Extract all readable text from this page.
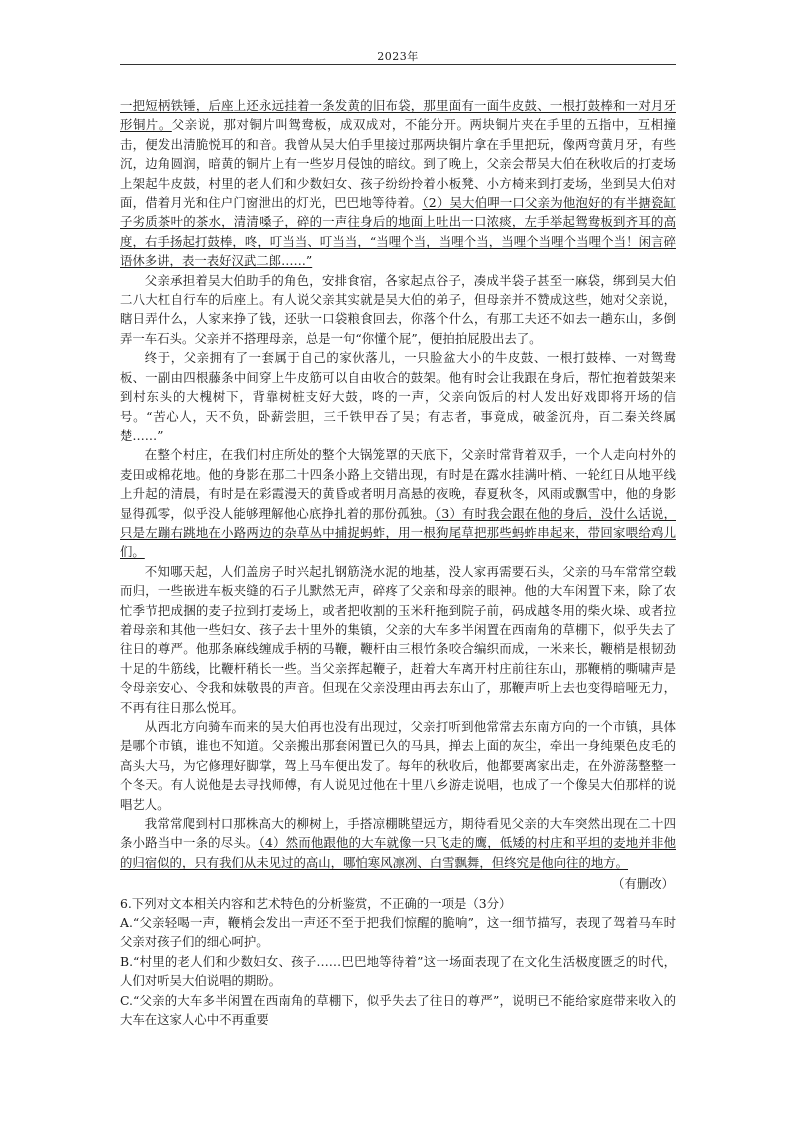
2023年

一把短柄铁锤，后座上还永远挂着一条发黄的旧布袋，那里面有一面牛皮鼓、一根打鼓棒和一对月牙形铜片。父亲说，那对铜片叫鸳鸯板，成双成对，不能分开。两块铜片夹在手里的五指中，互相撞击，便发出清脆悦耳的和音。我曾从吴大伯手里接过那两块铜片拿在手里把玩，像两弯黄月牙，有些沉，边角圆润，暗黄的铜片上有一些岁月侵蚀的暗纹。到了晚上，父亲会帮吴大伯在秋收后的打麦场上架起牛皮鼓，村里的老人们和少数妇女、孩子纷纷拎着小板凳、小方椅来到打麦场，坐到吴大伯对面，借着月光和住户门窗泄出的灯光，巴巴地等待着。（2）吴大伯呷一口父亲为他泡好的有半搪瓷缸子劣质茶叶的茶水，清清嗓子，碎的一声往身后的地面上吐出一口浓痰，左手举起鸳鸯板到齐耳的高度，右手扬起打鼓棒，咚，叮当当、叮当当，“当哩个当，当哩个当，当哩个当哩个当哩个当！闲言碎语休多讲，表一表好汉武二郎……”

父亲承担着吴大伯助手的角色，安排食宿，各家起点谷子，凑成半袋子甚至一麻袋，绑到吴大伯二八大杠自行车的后座上。有人说父亲其实就是吴大伯的弟子，但母亲并不赞成这些，她对父亲说，瞎日弄什么，人家来挣了钱，还驮一口袋粮食回去，你落个什么，有那工夫还不如去一趟东山，多倒弄一车石头。父亲并不搭理母亲，总是一句“你懂个屁”，便拍拍屁股出去了。

终于，父亲拥有了一套属于自己的家伙落儿，一只脸盆大小的牛皮鼓、一根打鼓棒、一对鸳鸯板、一副由四根藤条中间穿上牛皮筋可以自由收合的鼓架。他有时会让我跟在身后，帮忙抱着鼓架来到村东头的大槐树下，背靠树桩支好大鼓，咚的一声，父亲向饭后的村人发出好戏即将开场的信号。“苦心人，天不负，卧薪尝胆，三千铁甲吞了吴；有志者，事竟成，破釜沉舟，百二秦关终属楚……”

在整个村庄，在我们村庄所处的整个大锅笼罩的天底下，父亲时常背着双手，一个人走向村外的麦田或棉花地。他的身影在那二十四条小路上交错出现，有时是在露水挂满叶梢、一轮红日从地平线上升起的清晨，有时是在彩霞漫天的黄昏或者明月高悬的夜晚，春夏秋冬，风雨或飘雪中，他的身影显得孤零，似乎没人能够理解他心底挣扎着的那份孤独。（3）有时我会跟在他的身后，没什么话说，只是左蹦右跳地在小路两边的杂草丛中捕捉蚂蚱，用一根狗尾草把那些蚂蚱串起来，带回家喂给鸡儿们。

不知哪天起，人们盖房子时兴起扎钢筋浇水泥的地基，没人家再需要石头，父亲的马车常常空载而归，一些嵌进车板夹缝的石子儿默然无声，碎疼了父亲和母亲的眼神。他的大车闲置下来，除了农忙季节把成捆的麦子拉到打麦场上，或者把收割的玉米秆拖到院子前，码成越冬用的柴火垛、或者拉着母亲和其他一些妇女、孩子去十里外的集镇，父亲的大车多半闲置在西南角的草棚下，似乎失去了往日的尊严。他那条麻线缠成手柄的马鞭，鞭杆由三根竹条咬合编织而成，一米来长，鞭梢是根韧劲十足的牛筋线，比鞭杆稍长一些。当父亲挥起鞭子，赶着大车离开村庄前往东山，那鞭梢的嘶啸声是令母亲安心、令我和妹敬畏的声音。但现在父亲没理由再去东山了，那鞭声听上去也变得暗哑无力，不再有往日那么悦耳。

从西北方向骑车而来的吴大伯再也没有出现过，父亲打听到他常常去东南方向的一个市镇，具体是哪个市镇，谁也不知道。父亲搬出那套闲置已久的马具，掸去上面的灰尘，牵出一身纯栗色皮毛的高头大马，为它修理好脚掌，驾上马车便出发了。每年的秋收后，他都要离家出走，在外游荡整整一个冬天。有人说他是去寻找师傅，有人说见过他在十里八乡游走说唱，也成了一个像吴大伯那样的说唱艺人。

我常常爬到村口那株高大的柳树上，手搭凉棚眺望远方，期待看见父亲的大车突然出现在二十四条小路当中一条的尽头。（4）然而他跟他的大车就像一只飞走的鹰，低矮的村庄和平坦的麦地并非他的归宿似的，只有我们从未见过的高山，哪怕寒风凛冽、白雪飘舞，但终究是他向往的地方。

（有删改）

6.下列对文本相关内容和艺术特色的分析鉴赏，不正确的一项是（3分）

A.“父亲轻喝一声，鞭梢会发出一声还不至于把我们惊醒的脆响”，这一细节描写，表现了驾着马车时父亲对孩子们的细心呵护。

B.“村里的老人们和少数妇女、孩子……巴巴地等待着”这一场面表现了在文化生活极度匮乏的时代，人们对听吴大伯说唱的期盼。

C.“父亲的大车多半闲置在西南角的草棚下，似乎失去了往日的尊严”，说明已不能给家庭带来收入的大车在这家人心中不再重要
